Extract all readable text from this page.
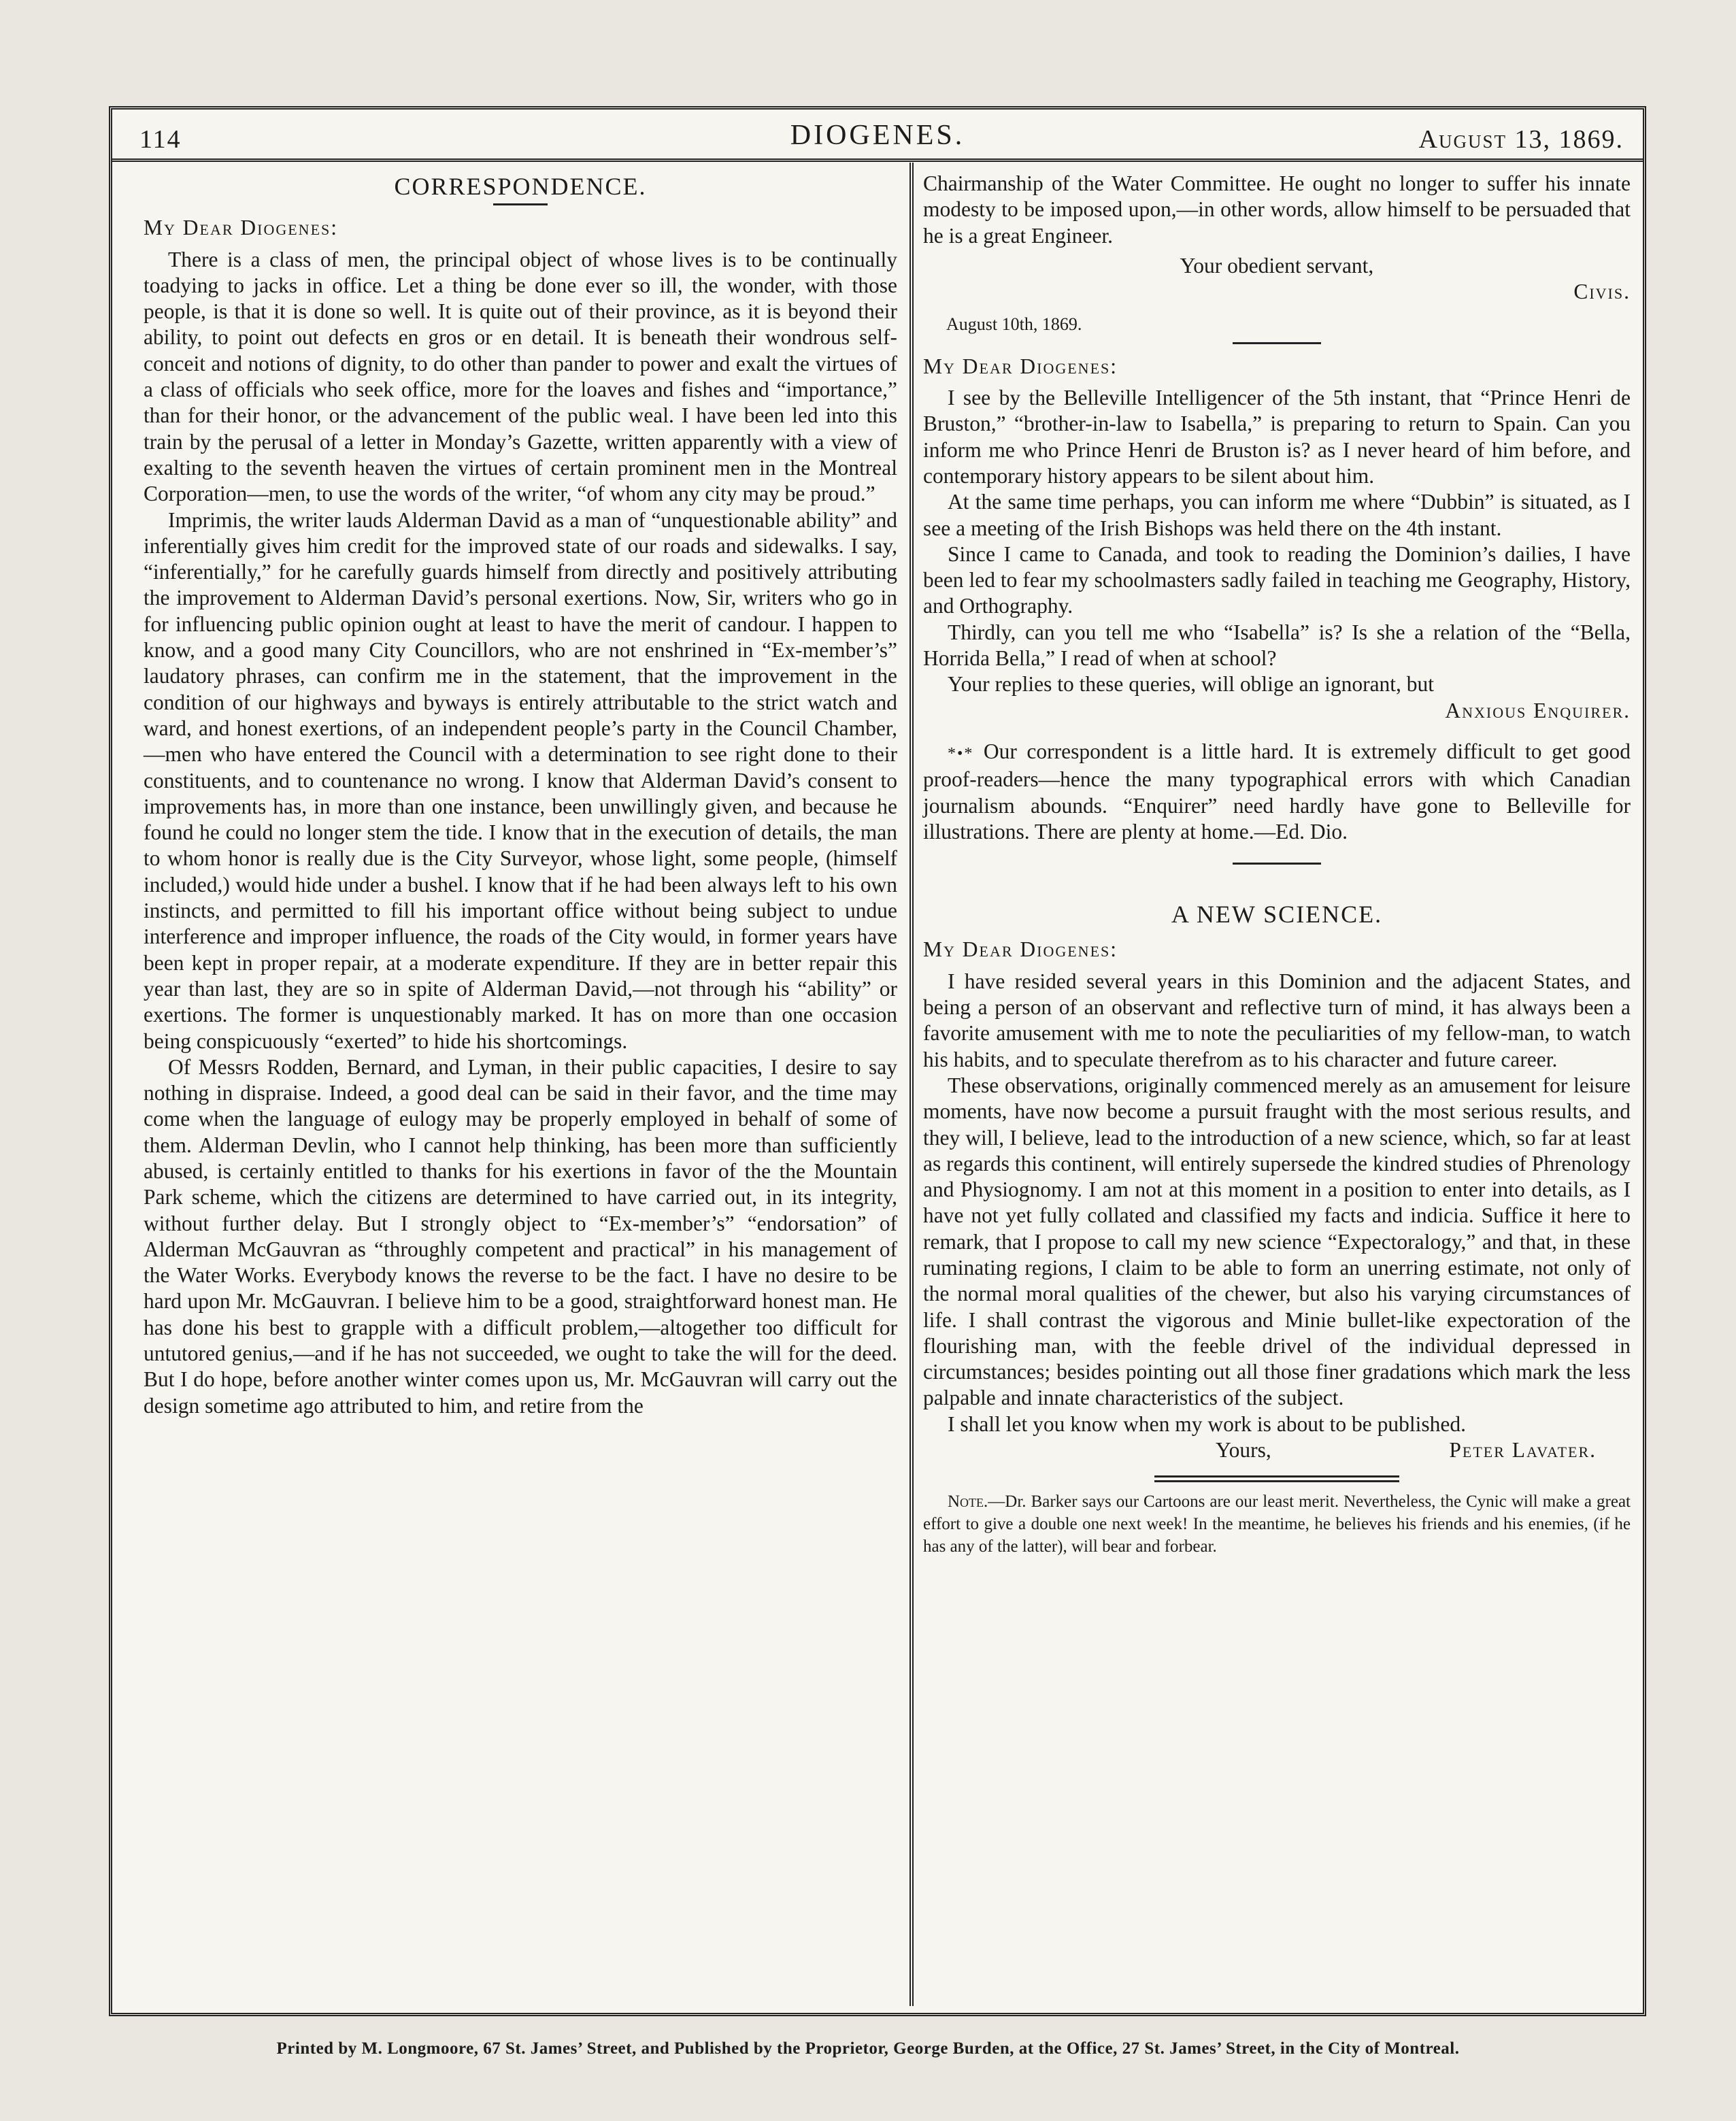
114	DIOGENES.	August 13, 1869.
CORRESPONDENCE.

My Dear Diogenes:

There is a class of men, the principal object of whose lives is to be continually toadying to jacks in office. Let a thing be done ever so ill, the wonder, with those people, is that it is done so well. It is quite out of their province, as it is beyond their ability, to point out defects en gros or en detail. It is beneath their wondrous self-conceit and notions of dignity, to do other than pander to power and exalt the virtues of a class of officials who seek office, more for the loaves and fishes and “importance,” than for their honor, or the advancement of the public weal. I have been led into this train by the perusal of a letter in Monday’s Gazette, written apparently with a view of exalting to the seventh heaven the virtues of certain prominent men in the Montreal Corporation—men, to use the words of the writer, “of whom any city may be proud.”

Imprimis, the writer lauds Alderman David as a man of “unquestionable ability” and inferentially gives him credit for the improved state of our roads and sidewalks. I say, “inferentially,” for he carefully guards himself from directly and positively attributing the improvement to Alderman David’s personal exertions. Now, Sir, writers who go in for influencing public opinion ought at least to have the merit of candour. I happen to know, and a good many City Councillors, who are not enshrined in “Ex-member’s” laudatory phrases, can confirm me in the statement, that the improvement in the condition of our highways and byways is entirely attributable to the strict watch and ward, and honest exertions, of an independent people’s party in the Council Chamber,—men who have entered the Council with a determination to see right done to their constituents, and to countenance no wrong. I know that Alderman David’s consent to improvements has, in more than one instance, been unwillingly given, and because he found he could no longer stem the tide. I know that in the execution of details, the man to whom honor is really due is the City Surveyor, whose light, some people, (himself included,) would hide under a bushel. I know that if he had been always left to his own instincts, and permitted to fill his important office without being subject to undue interference and improper influence, the roads of the City would, in former years have been kept in proper repair, at a moderate expenditure. If they are in better repair this year than last, they are so in spite of Alderman David,—not through his “ability” or exertions. The former is unquestionably marked. It has on more than one occasion being conspicuously “exerted” to hide his shortcomings.

Of Messrs Rodden, Bernard, and Lyman, in their public capacities, I desire to say nothing in dispraise. Indeed, a good deal can be said in their favor, and the time may come when the language of eulogy may be properly employed in behalf of some of them. Alderman Devlin, who I cannot help thinking, has been more than sufficiently abused, is certainly entitled to thanks for his exertions in favor of the the Mountain Park scheme, which the citizens are determined to have carried out, in its integrity, without further delay. But I strongly object to “Ex-member’s” “endorsation” of Alderman McGauvran as “throughly competent and practical” in his management of the Water Works. Everybody knows the reverse to be the fact. I have no desire to be hard upon Mr. McGauvran. I believe him to be a good, straightforward honest man. He has done his best to grapple with a difficult problem,—altogether too difficult for untutored genius,—and if he has not succeeded, we ought to take the will for the deed. But I do hope, before another winter comes upon us, Mr. McGauvran will carry out the design sometime ago attributed to him, and retire from the

Chairmanship of the Water Committee. He ought no longer to suffer his innate modesty to be imposed upon,—in other words, allow himself to be persuaded that he is a great Engineer.

Your obedient servant,

Civis.

August 10th, 1869.

My Dear Diogenes:

I see by the Belleville Intelligencer of the 5th instant, that “Prince Henri de Bruston,” “brother-in-law to Isabella,” is preparing to return to Spain. Can you inform me who Prince Henri de Bruston is? as I never heard of him before, and contemporary history appears to be silent about him.

At the same time perhaps, you can inform me where “Dubbin” is situated, as I see a meeting of the Irish Bishops was held there on the 4th instant.

Since I came to Canada, and took to reading the Dominion’s dailies, I have been led to fear my schoolmasters sadly failed in teaching me Geography, History, and Orthography.

Thirdly, can you tell me who “Isabella” is? Is she a relation of the “Bella, Horrida Bella,” I read of when at school?

Your replies to these queries, will oblige an ignorant, but

Anxious Enquirer.

*•* Our correspondent is a little hard. It is extremely difficult to get good proof-readers—hence the many typographical errors with which Canadian journalism abounds. “Enquirer” need hardly have gone to Belleville for illustrations. There are plenty at home.—Ed. Dio.

A NEW SCIENCE.

My Dear Diogenes:

I have resided several years in this Dominion and the adjacent States, and being a person of an observant and reflective turn of mind, it has always been a favorite amusement with me to note the peculiarities of my fellow-man, to watch his habits, and to speculate therefrom as to his character and future career.

These observations, originally commenced merely as an amusement for leisure moments, have now become a pursuit fraught with the most serious results, and they will, I believe, lead to the introduction of a new science, which, so far at least as regards this continent, will entirely supersede the kindred studies of Phrenology and Physiognomy. I am not at this moment in a position to enter into details, as I have not yet fully collated and classified my facts and indicia. Suffice it here to remark, that I propose to call my new science “Expectoralogy,” and that, in these ruminating regions, I claim to be able to form an unerring estimate, not only of the normal moral qualities of the chewer, but also his varying circumstances of life. I shall contrast the vigorous and Minie bullet-like expectoration of the flourishing man, with the feeble drivel of the individual depressed in circumstances; besides pointing out all those finer gradations which mark the less palpable and innate characteristics of the subject.

I shall let you know when my work is about to be published.

Yours,	Peter Lavater.

Note.—Dr. Barker says our Cartoons are our least merit. Nevertheless, the Cynic will make a great effort to give a double one next week! In the meantime, he believes his friends and his enemies, (if he has any of the latter), will bear and forbear.

Printed by M. Longmoore, 67 St. James’ Street, and Published by the Proprietor, George Burden, at the Office, 27 St. James’ Street, in the City of Montreal.
